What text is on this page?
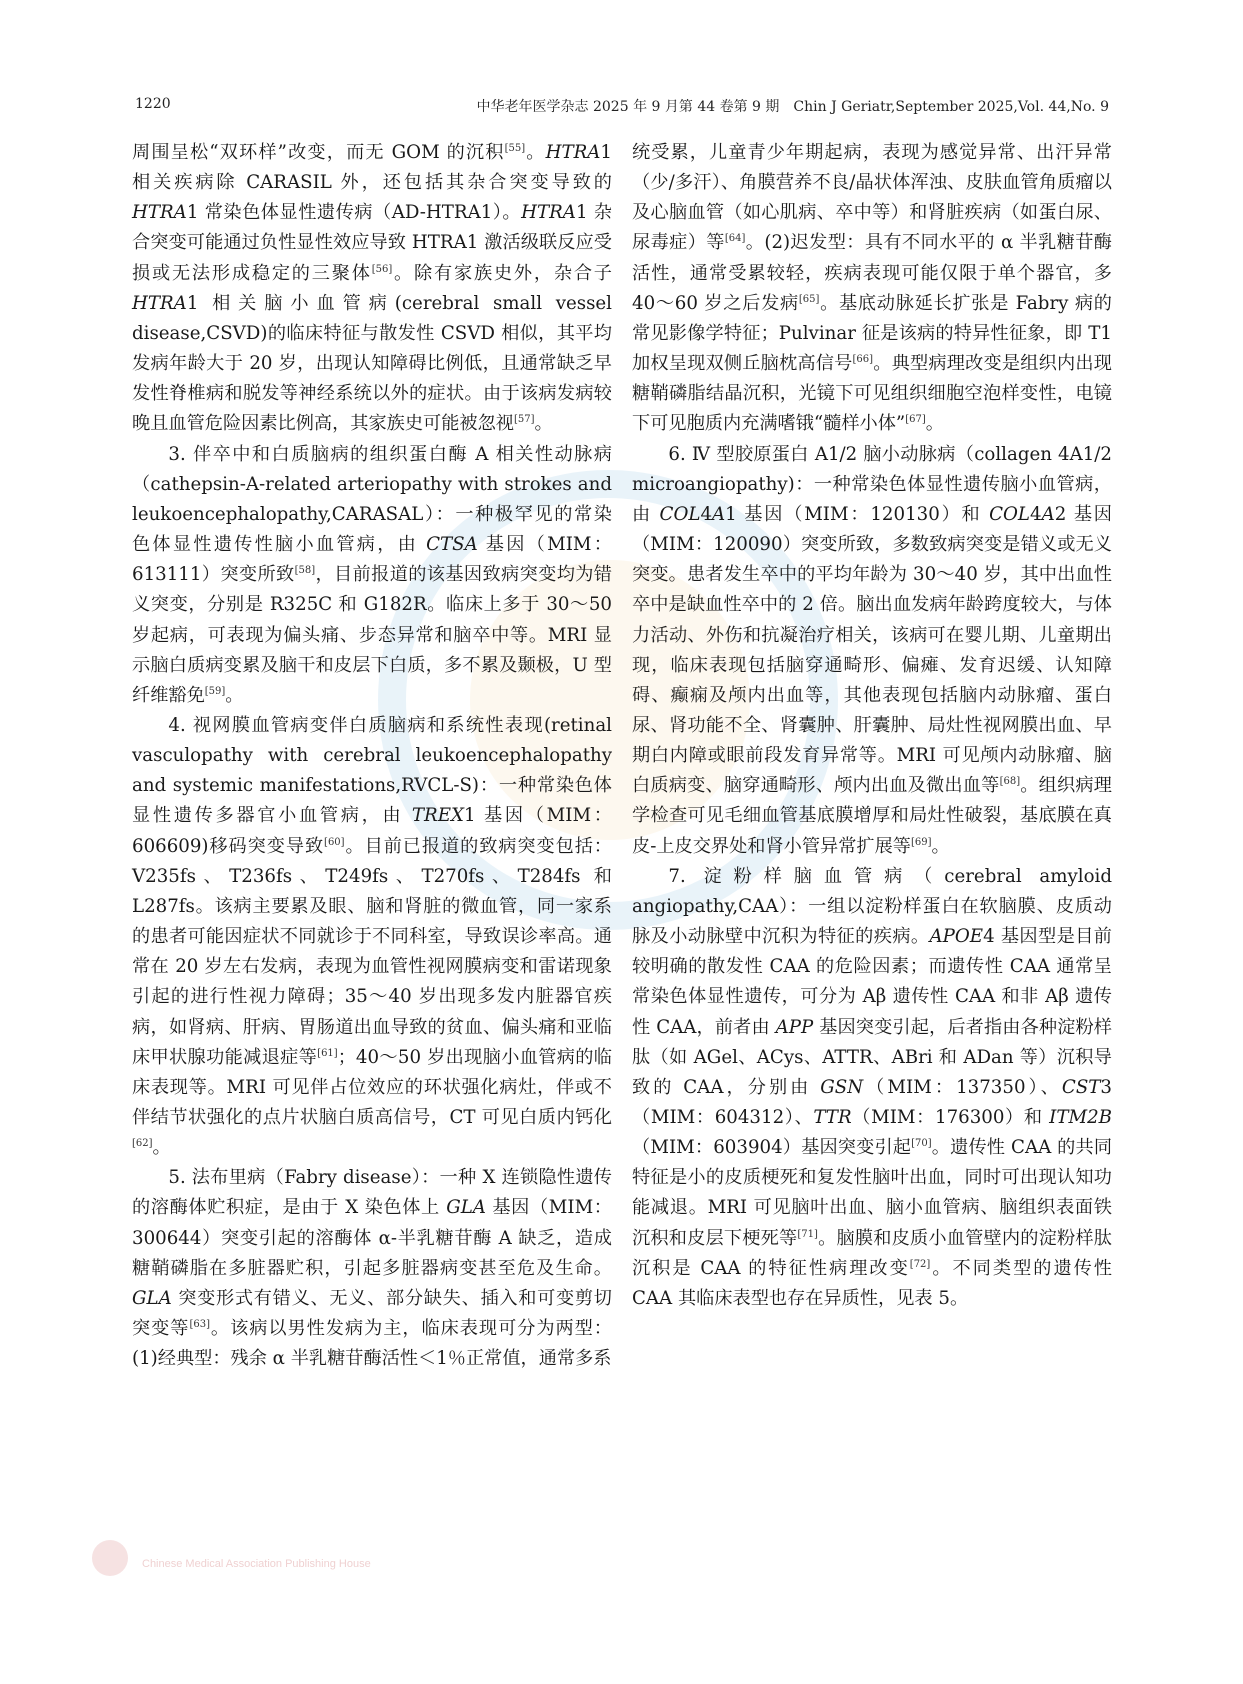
1220	中华老年医学杂志 2025 年 9 月第 44 卷第 9 期　Chin J Geriatr,September 2025,Vol. 44,No. 9

周围呈松“双环样”改变，而无 GOM 的沉积[55]。HTRA1 相关疾病除 CARASIL 外，还包括其杂合突变导致的 HTRA1 常染色体显性遗传病（AD-HTRA1）。HTRA1 杂合突变可能通过负性显性效应导致 HTRA1 激活级联反应受损或无法形成稳定的三聚体[56]。除有家族史外，杂合子 HTRA1 相关脑小血管病(cerebral small vessel disease,CSVD)的临床特征与散发性 CSVD 相似，其平均发病年龄大于 20 岁，出现认知障碍比例低，且通常缺乏早发性脊椎病和脱发等神经系统以外的症状。由于该病发病较晚且血管危险因素比例高，其家族史可能被忽视[57]。

3. 伴卒中和白质脑病的组织蛋白酶 A 相关性动脉病（cathepsin-A-related arteriopathy with strokes and leukoencephalopathy,CARASAL）：一种极罕见的常染色体显性遗传性脑小血管病，由 CTSA 基因（MIM：613111）突变所致[58]，目前报道的该基因致病突变均为错义突变，分别是 R325C 和 G182R。临床上多于 30～50 岁起病，可表现为偏头痛、步态异常和脑卒中等。MRI 显示脑白质病变累及脑干和皮层下白质，多不累及颞极，U 型纤维豁免[59]。

4. 视网膜血管病变伴白质脑病和系统性表现(retinal vasculopathy with cerebral leukoencephalopathy and systemic manifestations,RVCL-S)：一种常染色体显性遗传多器官小血管病，由 TREX1 基因（MIM：606609)移码突变导致[60]。目前已报道的致病突变包括：V235fs、T236fs、T249fs、T270fs、T284fs 和 L287fs。该病主要累及眼、脑和肾脏的微血管，同一家系的患者可能因症状不同就诊于不同科室，导致误诊率高。通常在 20 岁左右发病，表现为血管性视网膜病变和雷诺现象引起的进行性视力障碍；35～40 岁出现多发内脏器官疾病，如肾病、肝病、胃肠道出血导致的贫血、偏头痛和亚临床甲状腺功能减退症等[61]；40～50 岁出现脑小血管病的临床表现等。MRI 可见伴占位效应的环状强化病灶，伴或不伴结节状强化的点片状脑白质高信号，CT 可见白质内钙化[62]。

5. 法布里病（Fabry disease）：一种 X 连锁隐性遗传的溶酶体贮积症，是由于 X 染色体上 GLA 基因（MIM：300644）突变引起的溶酶体 α-半乳糖苷酶 A 缺乏，造成糖鞘磷脂在多脏器贮积，引起多脏器病变甚至危及生命。GLA 突变形式有错义、无义、部分缺失、插入和可变剪切突变等[63]。该病以男性发病为主，临床表现可分为两型：(1)经典型：残余 α 半乳糖苷酶活性＜1％正常值，通常多系

统受累，儿童青少年期起病，表现为感觉异常、出汗异常（少/多汗）、角膜营养不良/晶状体浑浊、皮肤血管角质瘤以及心脑血管（如心肌病、卒中等）和肾脏疾病（如蛋白尿、尿毒症）等[64]。(2)迟发型：具有不同水平的 α 半乳糖苷酶活性，通常受累较轻，疾病表现可能仅限于单个器官，多 40～60 岁之后发病[65]。基底动脉延长扩张是 Fabry 病的常见影像学特征；Pulvinar 征是该病的特异性征象，即 T1 加权呈现双侧丘脑枕高信号[66]。典型病理改变是组织内出现糖鞘磷脂结晶沉积，光镜下可见组织细胞空泡样变性，电镜下可见胞质内充满嗜锇“髓样小体”[67]。

6. Ⅳ 型胶原蛋白 A1/2 脑小动脉病（collagen 4A1/2 microangiopathy)：一种常染色体显性遗传脑小血管病，由 COL4A1 基因（MIM：120130）和 COL4A2 基因（MIM：120090）突变所致，多数致病突变是错义或无义突变。患者发生卒中的平均年龄为 30～40 岁，其中出血性卒中是缺血性卒中的 2 倍。脑出血发病年龄跨度较大，与体力活动、外伤和抗凝治疗相关，该病可在婴儿期、儿童期出现，临床表现包括脑穿通畸形、偏瘫、发育迟缓、认知障碍、癫痫及颅内出血等，其他表现包括脑内动脉瘤、蛋白尿、肾功能不全、肾囊肿、肝囊肿、局灶性视网膜出血、早期白内障或眼前段发育异常等。MRI 可见颅内动脉瘤、脑白质病变、脑穿通畸形、颅内出血及微出血等[68]。组织病理学检查可见毛细血管基底膜增厚和局灶性破裂，基底膜在真皮-上皮交界处和肾小管异常扩展等[69]。

7. 淀粉样脑血管病（cerebral amyloid angiopathy,CAA）：一组以淀粉样蛋白在软脑膜、皮质动脉及小动脉壁中沉积为特征的疾病。APOE4 基因型是目前较明确的散发性 CAA 的危险因素；而遗传性 CAA 通常呈常染色体显性遗传，可分为 Aβ 遗传性 CAA 和非 Aβ 遗传性 CAA，前者由 APP 基因突变引起，后者指由各种淀粉样肽（如 AGel、ACys、ATTR、ABri 和 ADan 等）沉积导致的 CAA，分别由 GSN（MIM：137350）、CST3（MIM：604312）、TTR（MIM：176300）和 ITM2B（MIM：603904）基因突变引起[70]。遗传性 CAA 的共同特征是小的皮质梗死和复发性脑叶出血，同时可出现认知功能减退。MRI 可见脑叶出血、脑小血管病、脑组织表面铁沉积和皮层下梗死等[71]。脑膜和皮质小血管壁内的淀粉样肽沉积是 CAA 的特征性病理改变[72]。不同类型的遗传性 CAA 其临床表型也存在异质性，见表 5。

Chinese Medical Association Publishing House
